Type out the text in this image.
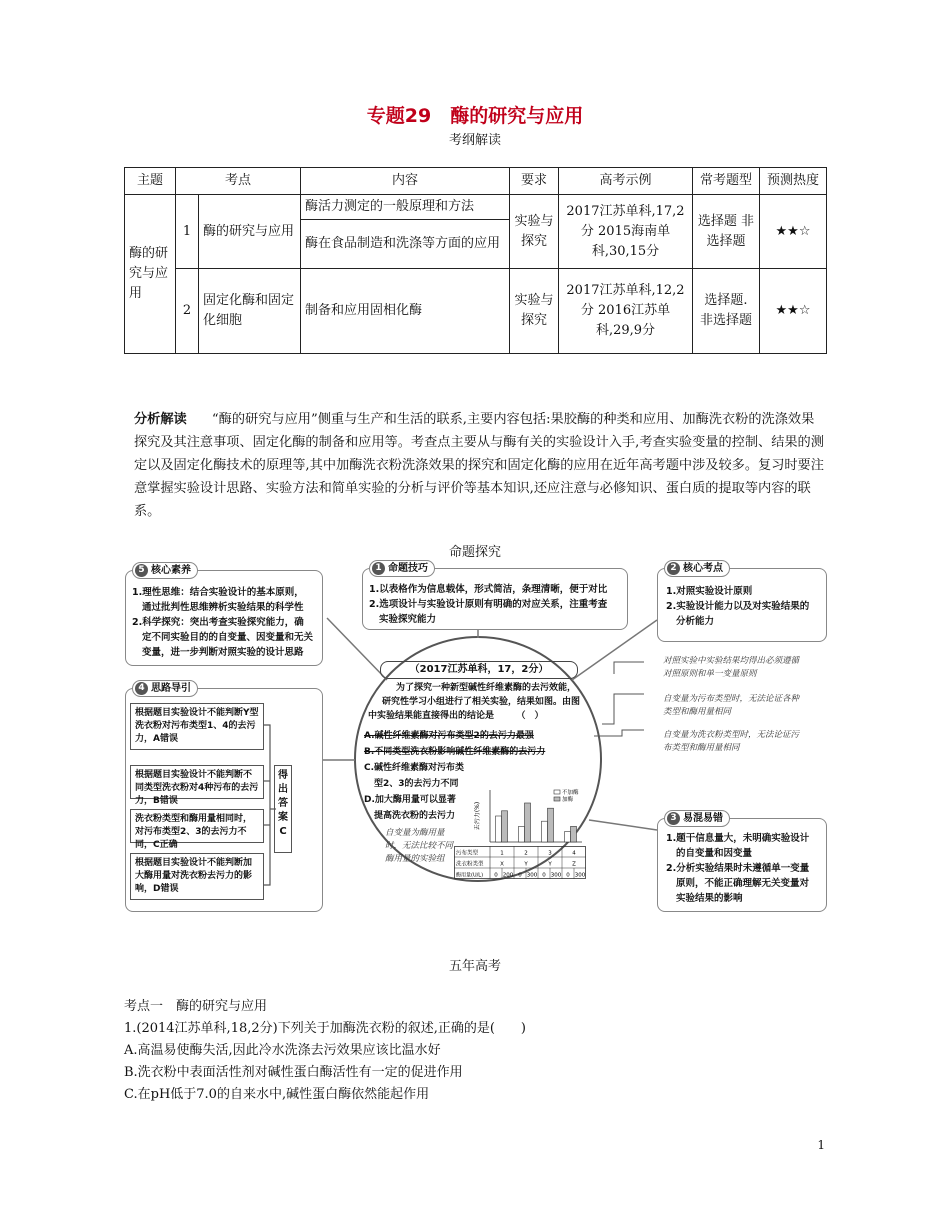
专题29　酶的研究与应用
考纲解读
主题	考点		内容	要求	高考示例	常考题型	预测热度
酶的研究与应用	1	酶的研究与应用	酶活力测定的一般原理和方法	实验与探究	2017江苏单科,17,2分 2015海南单科,30,15分	选择题 非选择题	★★☆
			酶在食品制造和洗涤等方面的应用				
	2	固定化酶和固定化细胞	制备和应用固相化酶	实验与探究	2017江苏单科,12,2分 2016江苏单科,29,9分	选择题. 非选择题	★★☆
分析解读 “酶的研究与应用”侧重与生产和生活的联系,主要内容包括:果胶酶的种类和应用、加酶洗衣粉的洗涤效果探究及其注意事项、固定化酶的制备和应用等。考查点主要从与酶有关的实验设计入手,考查实验变量的控制、结果的测定以及固定化酶技术的原理等,其中加酶洗衣粉洗涤效果的探究和固定化酶的应用在近年高考题中涉及较多。复习时要注意掌握实验设计思路、实验方法和简单实验的分析与评价等基本知识,还应注意与必修知识、蛋白质的提取等内容的联系。
命题探究
5 核心素养
1.理性思维：结合实验设计的基本原则，
通过批判性思维辨析实验结果的科学性
2.科学探究：突出考查实验探究能力，确
定不同实验目的的自变量、因变量和无关
变量，进一步判断对照实验的设计思路
1 命题技巧
1.以表格作为信息载体，形式简洁，条理清晰，便于对比
2.选项设计与实验设计原则有明确的对应关系，注重考查
实验探究能力
2 核心考点
1.对照实验设计原则
2.实验设计能力以及对实验结果的
分析能力
4 思路导引
根据题目实验设计不能判断Y型洗衣粉对污布类型1、4的去污力，A错误
根据题目实验设计不能判断不同类型洗衣粉对4种污布的去污力，B错误
洗衣粉类型和酶用量相同时，对污布类型2、3的去污力不同，C正确
根据题目实验设计不能判断加大酶用量对洗衣粉去污力的影响，D错误
得出答案C
3 易混易错
1.题干信息量大，未明确实验设计
的自变量和因变量
2.分析实验结果时未遵循单一变量
原则，不能正确理解无关变量对
实验结果的影响
（2017江苏单科，17，2分）
为了探究一种新型碱性纤维素酶的去污效能，
研究性学习小组进行了相关实验，结果如图。由图
中实验结果能直接得出的结论是　　　（　）
A.碱性纤维素酶对污布类型2的去污力最强
B.不同类型洗衣粉影响碱性纤维素酶的去污力
C.碱性纤维素酶对污布类
型2、3的去污力不同
D.加大酶用量可以显著
提高洗衣粉的去污力
自变量为酶用量
时，无法比较不同
酶用量的实验组
去污力(%)
不加酶
加酶
污布类型
洗衣粉类型
酶用量(U/L)
1	2	3	4
X	Y	Y	Z
0 200 0 300 0 300 0 300
对照实验中实验结果均得出必须遵循
对照原则和单一变量原则
自变量为污布类型时，无法论证各种
类型和酶用量相同
自变量为洗衣粉类型时，无法论证污
布类型和酶用量相同
五年高考
考点一　酶的研究与应用
1.(2014江苏单科,18,2分)下列关于加酶洗衣粉的叙述,正确的是(　　)
A.高温易使酶失活,因此冷水洗涤去污效果应该比温水好
B.洗衣粉中表面活性剂对碱性蛋白酶活性有一定的促进作用
C.在pH低于7.0的自来水中,碱性蛋白酶依然能起作用
1
